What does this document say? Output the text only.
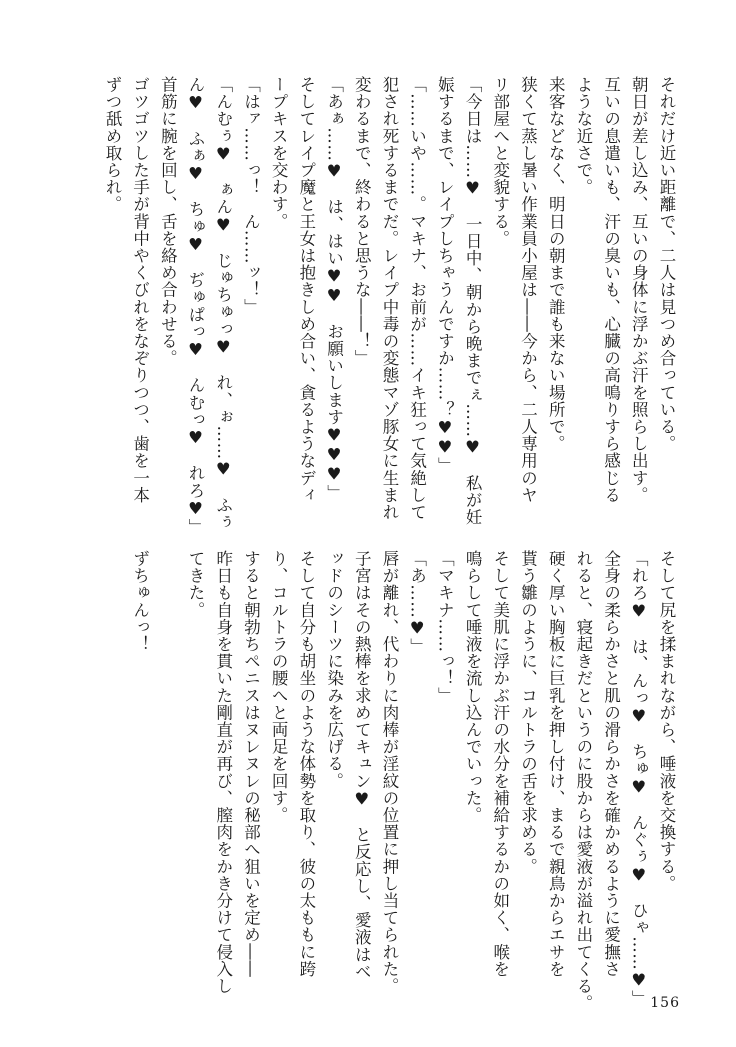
それだけ近い距離で、二人は見つめ合っている。

朝日が差し込み、互いの身体に浮かぶ汗を照らし出す。

互いの息遣いも、汗の臭いも、心臓の高鳴りすら感じる

ような近さで。

来客などなく、明日の朝まで誰も来ない場所で。

狭くて蒸し暑い作業員小屋は――今から、二人専用のヤ

リ部屋へと変貌する。

「今日は……♥　一日中、朝から晩までぇ……♥　私が妊

娠するまで、レイプしちゃうんですか……？♥♥」

「……いや……。マキナ、お前が……イキ狂って気絶して

犯され死するまでだ。レイプ中毒の変態マゾ豚女に生まれ

変わるまで、終わると思うな――！」

「あぁ……♥　は、はい♥♥　お願いします♥♥♥」

そしてレイプ魔と王女は抱きしめ合い、貪るようなディ

ープキスを交わす。

「はァ……っ！　ん……ッ！」

「んむぅ♥　ぁん♥　じゅちゅっ♥　れ、ぉ……♥　ふぅ

ん♥　ふぁ♥　ちゅ♥　ぢゅぱっ♥　んむっ♥　れろ♥」

首筋に腕を回し、舌を絡め合わせる。

ゴツゴツした手が背中やくびれをなぞりつつ、歯を一本

ずつ舐め取られ。

そして尻を揉まれながら、唾液を交換する。

「れろ♥　は、んっ♥　ちゅ♥　んぐぅ♥　ひゃ……♥」

全身の柔らかさと肌の滑らかさを確かめるように愛撫さ

れると、寝起きだというのに股からは愛液が溢れ出てくる。

硬く厚い胸板に巨乳を押し付け、まるで親鳥からエサを

貰う雛のように、コルトラの舌を求める。

そして美肌に浮かぶ汗の水分を補給するかの如く、喉を

鳴らして唾液を流し込んでいった。

「マキナ……っ！」

「あ……♥」

唇が離れ、代わりに肉棒が淫紋の位置に押し当てられた。

子宮はその熱棒を求めてキュン♥　と反応し、愛液はベ

ッドのシーツに染みを広げる。

そして自分も胡坐のような体勢を取り、彼の太ももに跨

り、コルトラの腰へと両足を回す。

すると朝勃ちペニスはヌレヌレの秘部へ狙いを定め――

昨日も自身を貫いた剛直が再び、膣肉をかき分けて侵入し

てきた。

ずちゅんっ！

156
